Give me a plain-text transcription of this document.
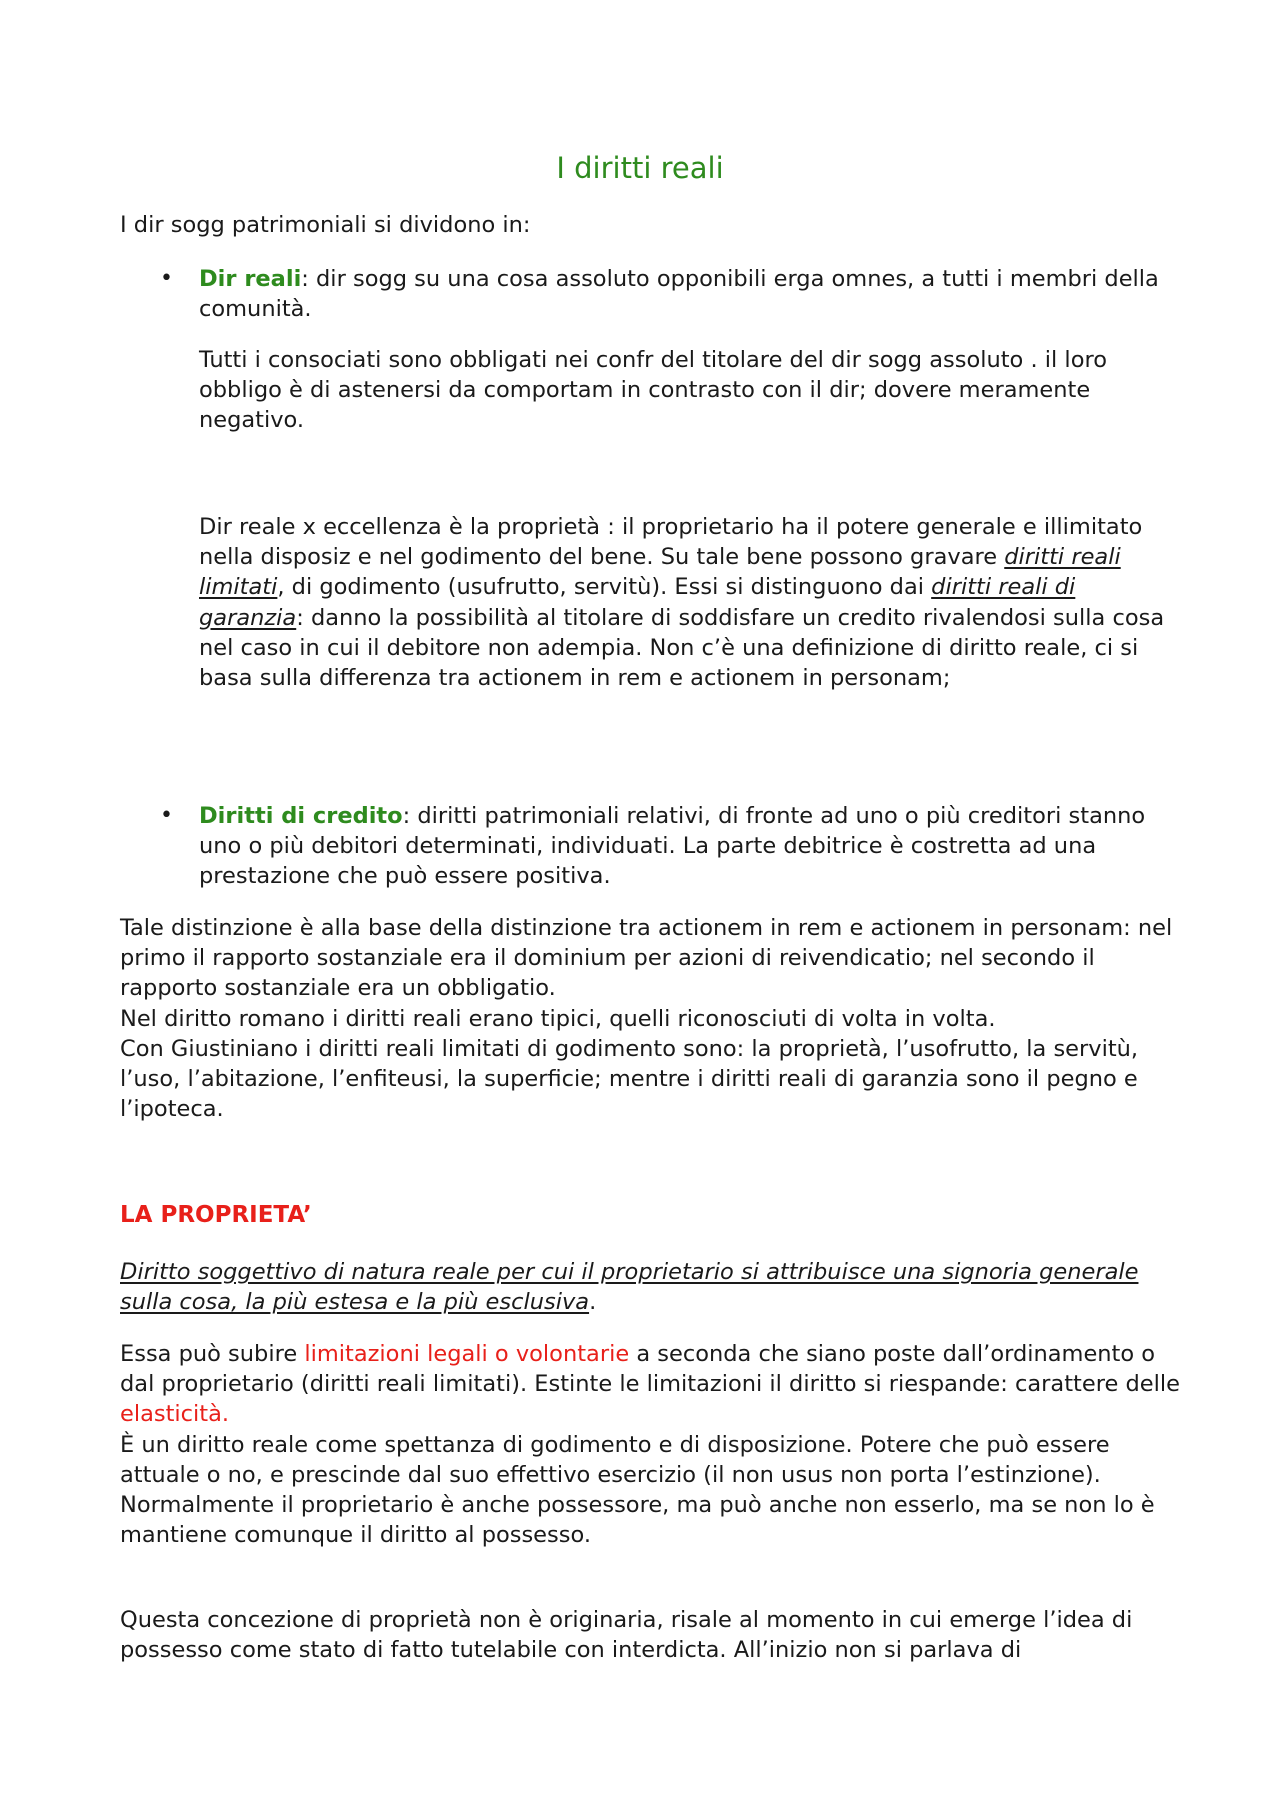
I diritti reali

I dir sogg patrimoniali si dividono in:

• Dir reali: dir sogg su una cosa assoluto opponibili erga omnes, a tutti i membri della comunità.

Tutti i consociati sono obbligati nei confr del titolare del dir sogg assoluto . il loro obbligo è di astenersi da comportam in contrasto con il dir; dovere meramente negativo.

Dir reale x eccellenza è la proprietà : il proprietario ha il potere generale e illimitato nella disposiz e nel godimento del bene. Su tale bene possono gravare diritti reali limitati, di godimento (usufrutto, servitù). Essi si distinguono dai diritti reali di garanzia: danno la possibilità al titolare di soddisfare un credito rivalendosi sulla cosa nel caso in cui il debitore non adempia. Non c’è una definizione di diritto reale, ci si basa sulla differenza tra actionem in rem e actionem in personam;

• Diritti di credito: diritti patrimoniali relativi, di fronte ad uno o più creditori stanno uno o più debitori determinati, individuati. La parte debitrice è costretta ad una prestazione che può essere positiva.

Tale distinzione è alla base della distinzione tra actionem in rem e actionem in personam: nel primo il rapporto sostanziale era il dominium per azioni di reivendicatio; nel secondo il rapporto sostanziale era un obbligatio.
Nel diritto romano i diritti reali erano tipici, quelli riconosciuti di volta in volta.
Con Giustiniano i diritti reali limitati di godimento sono: la proprietà, l’usofrutto, la servitù, l’uso, l’abitazione, l’enfiteusi, la superficie; mentre i diritti reali di garanzia sono il pegno e l’ipoteca.

LA PROPRIETA’

Diritto soggettivo di natura reale per cui il proprietario si attribuisce una signoria generale sulla cosa, la più estesa e la più esclusiva.

Essa può subire limitazioni legali o volontarie a seconda che siano poste dall’ordinamento o dal proprietario (diritti reali limitati). Estinte le limitazioni il diritto si riespande: carattere delle elasticità.
È un diritto reale come spettanza di godimento e di disposizione. Potere che può essere attuale o no, e prescinde dal suo effettivo esercizio (il non usus non porta l’estinzione).
Normalmente il proprietario è anche possessore, ma può anche non esserlo, ma se non lo è mantiene comunque il diritto al possesso.

Questa concezione di proprietà non è originaria, risale al momento in cui emerge l’idea di possesso come stato di fatto tutelabile con interdicta. All’inizio non si parlava di
